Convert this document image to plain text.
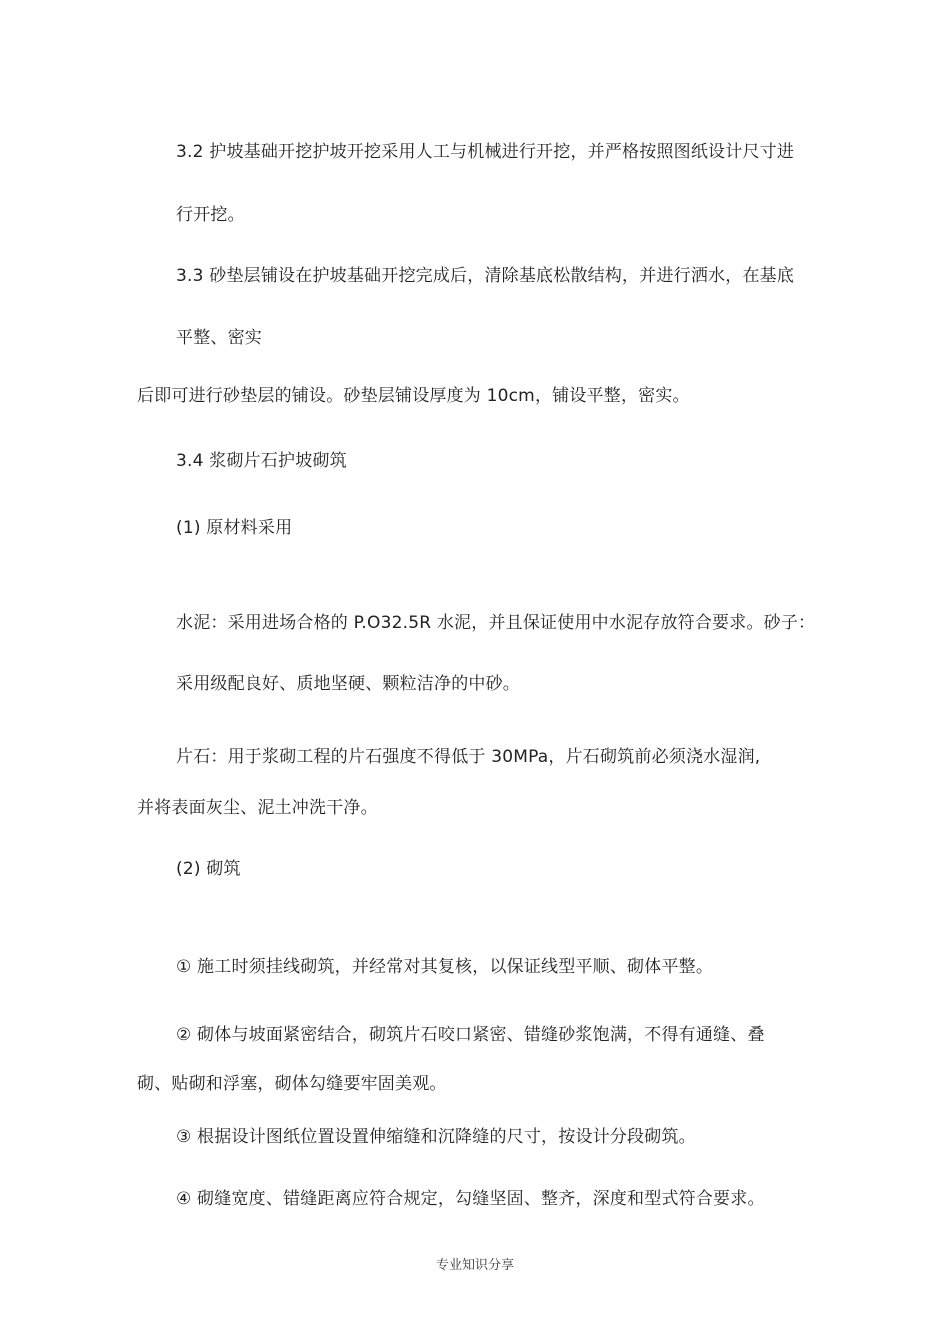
3.2 护坡基础开挖护坡开挖采用人工与机械进行开挖，并严格按照图纸设计尺寸进
行开挖。
3.3 砂垫层铺设在护坡基础开挖完成后，清除基底松散结构，并进行洒水，在基底
平整、密实
后即可进行砂垫层的铺设。砂垫层铺设厚度为 10cm，铺设平整，密实。
3.4 浆砌片石护坡砌筑
(1) 原材料采用
水泥：采用进场合格的 P.O32.5R 水泥，并且保证使用中水泥存放符合要求。砂子：
采用级配良好、质地坚硬、颗粒洁净的中砂。
片石：用于浆砌工程的片石强度不得低于 30MPa，片石砌筑前必须浇水湿润,
并将表面灰尘、泥土冲洗干净。
(2) 砌筑
① 施工时须挂线砌筑，并经常对其复核，以保证线型平顺、砌体平整。
② 砌体与坡面紧密结合，砌筑片石咬口紧密、错缝砂浆饱满，不得有通缝、叠
砌、贴砌和浮塞，砌体勾缝要牢固美观。
③ 根据设计图纸位置设置伸缩缝和沉降缝的尺寸，按设计分段砌筑。
④ 砌缝宽度、错缝距离应符合规定，勾缝坚固、整齐，深度和型式符合要求。
专业知识分享
